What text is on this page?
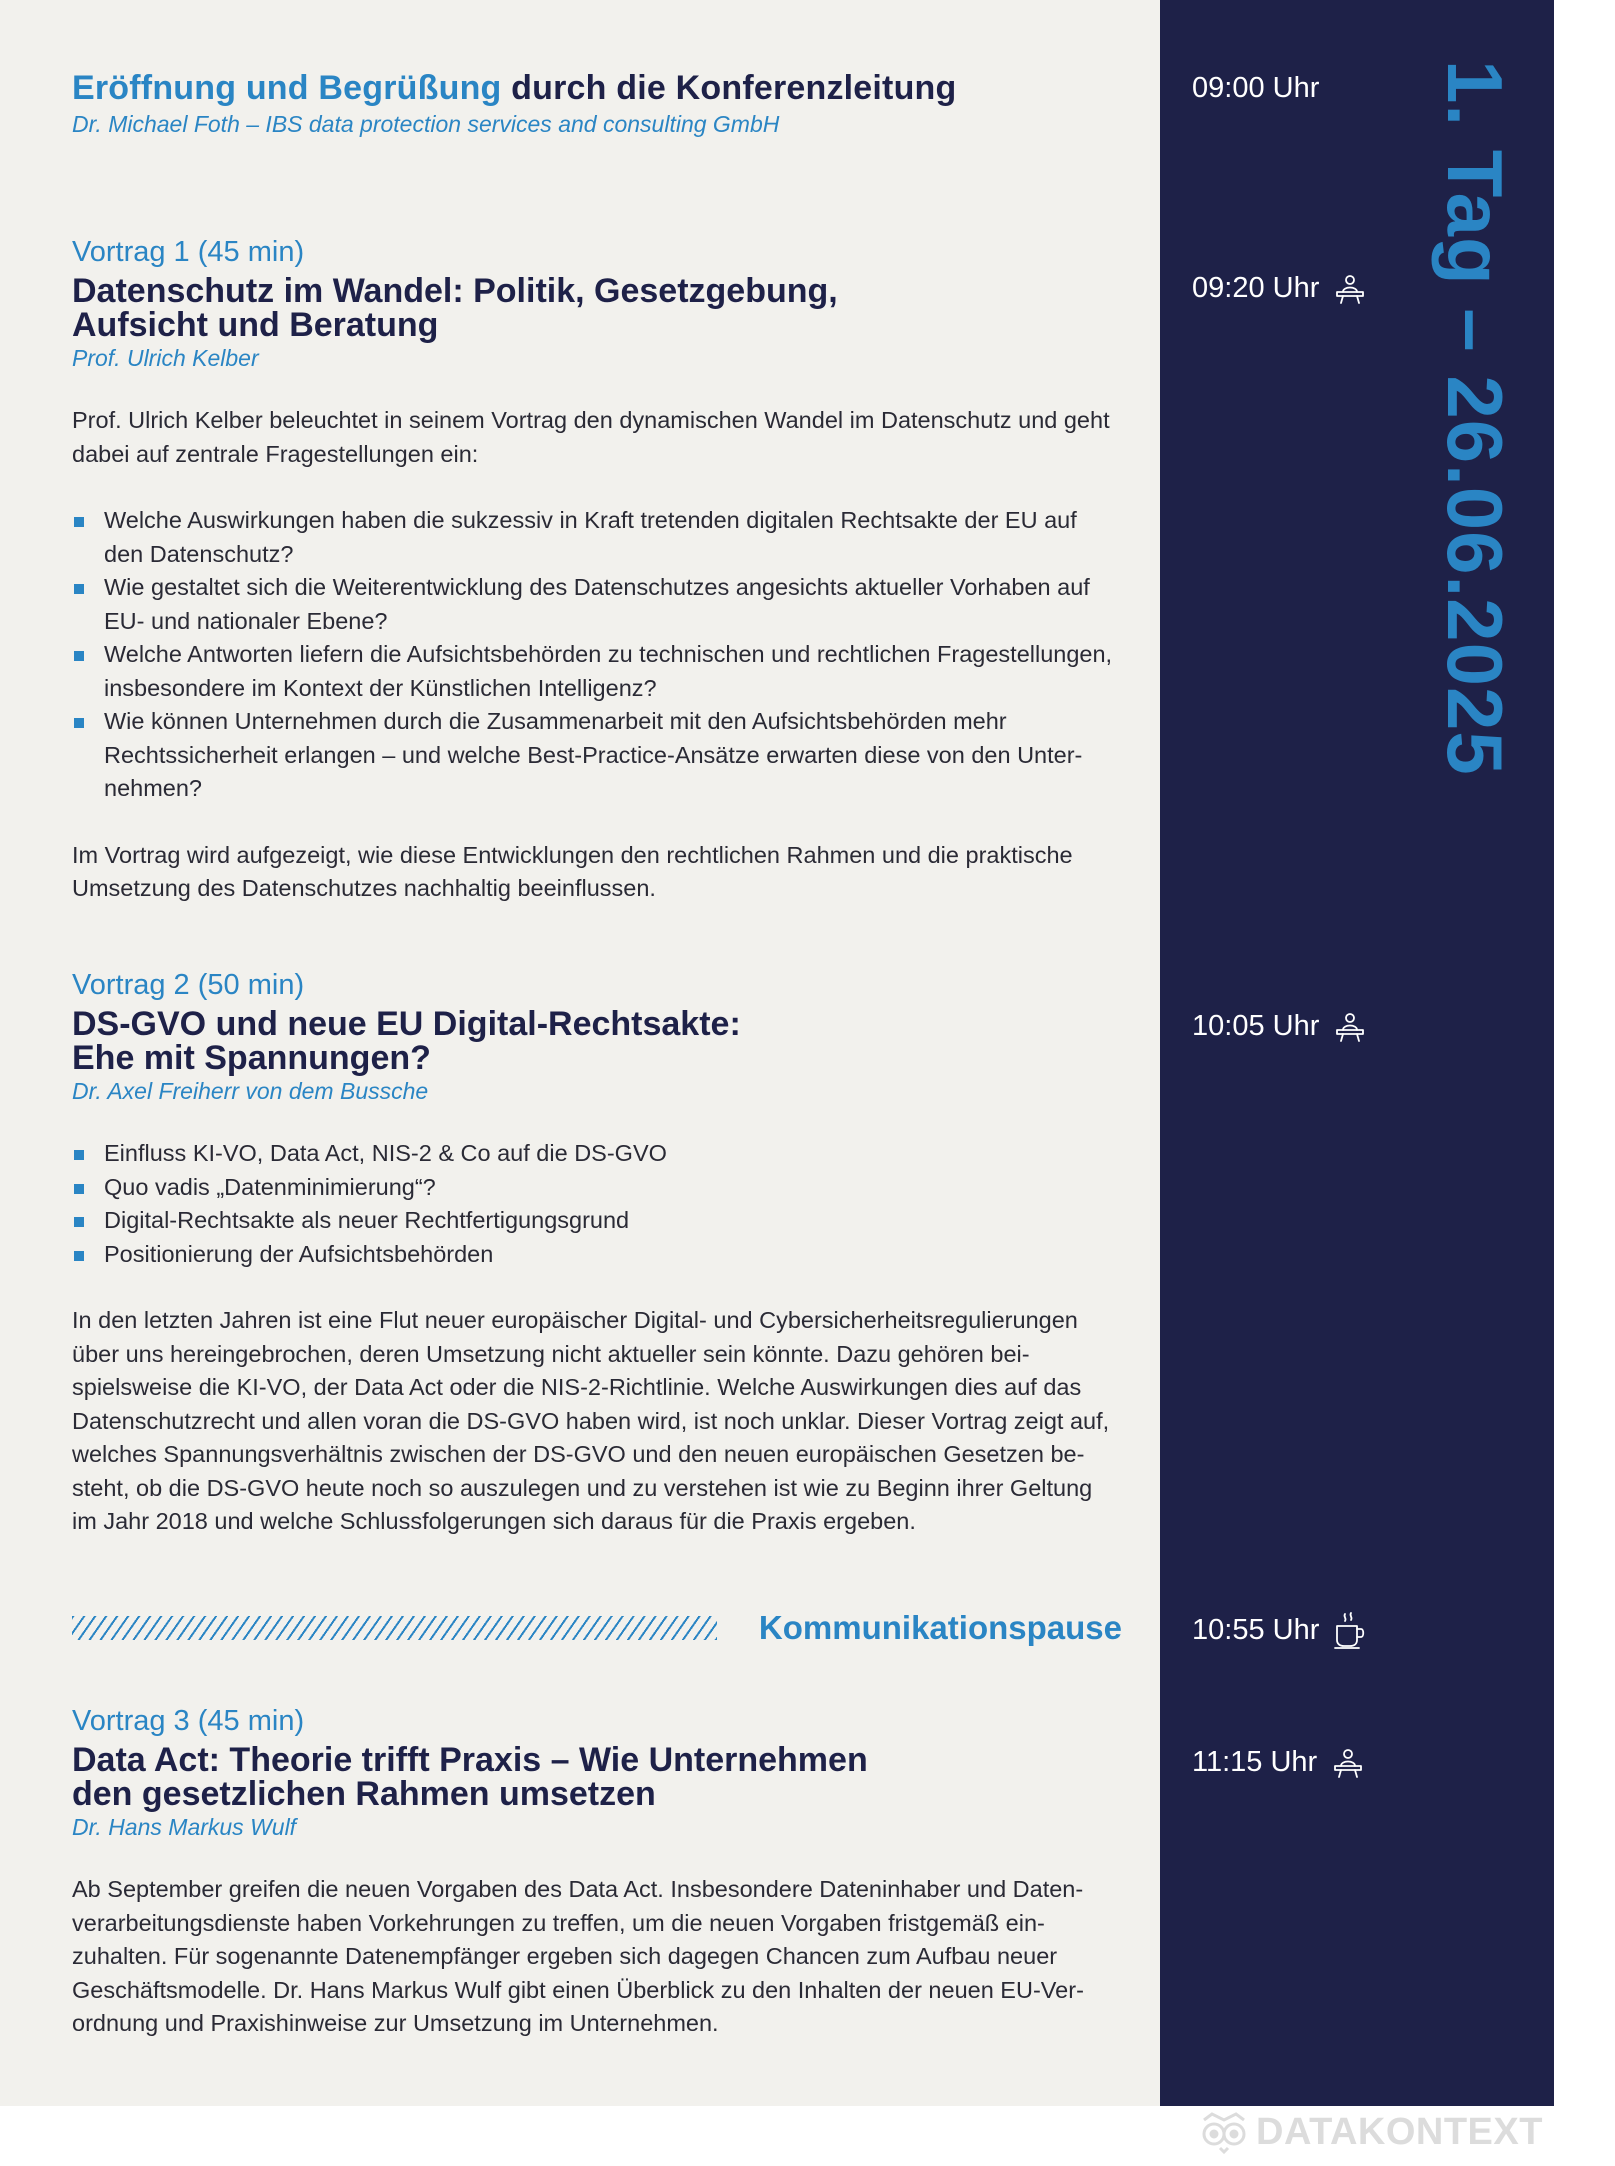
Eröffnung und Begrüßung durch die Konferenzleitung
Dr. Michael Foth – IBS data protection services and consulting GmbH
Vortrag 1 (45 min)
Datenschutz im Wandel: Politik, Gesetzgebung,
Aufsicht und Beratung
Prof. Ulrich Kelber

Prof. Ulrich Kelber beleuchtet in seinem Vortrag den dynamischen Wandel im Datenschutz und geht dabei auf zentrale Fragestellungen ein:

Welche Auswirkungen haben die sukzessiv in Kraft tretenden digitalen Rechtsakte der EU auf den Datenschutz?
Wie gestaltet sich die Weiterentwicklung des Datenschutzes angesichts aktueller Vorhaben auf EU- und nationaler Ebene?
Welche Antworten liefern die Aufsichtsbehörden zu technischen und rechtlichen Fragestellungen, insbesondere im Kontext der Künstlichen Intelligenz?
Wie können Unternehmen durch die Zusammenarbeit mit den Aufsichtsbehörden mehr Rechtssicherheit erlangen – und welche Best-Practice-Ansätze erwarten diese von den Unternehmen?

Im Vortrag wird aufgezeigt, wie diese Entwicklungen den rechtlichen Rahmen und die praktische Umsetzung des Datenschutzes nachhaltig beeinflussen.

Vortrag 2 (50 min)
DS-GVO und neue EU Digital-Rechtsakte:
Ehe mit Spannungen?
Dr. Axel Freiherr von dem Bussche
Einfluss KI-VO, Data Act, NIS-2 & Co auf die DS-GVO
Quo vadis „Datenminimierung“?
Digital-Rechtsakte als neuer Rechtfertigungsgrund
Positionierung der Aufsichtsbehörden

In den letzten Jahren ist eine Flut neuer europäischer Digital- und Cybersicherheitsregulierungen über uns hereingebrochen, deren Umsetzung nicht aktueller sein könnte. Dazu gehören beispielsweise die KI-VO, der Data Act oder die NIS-2-Richtlinie. Welche Auswirkungen dies auf das Datenschutzrecht und allen voran die DS-GVO haben wird, ist noch unklar. Dieser Vortrag zeigt auf, welches Spannungsverhältnis zwischen der DS-GVO und den neuen europäischen Gesetzen besteht, ob die DS-GVO heute noch so auszulegen und zu verstehen ist wie zu Beginn ihrer Geltung im Jahr 2018 und welche Schlussfolgerungen sich daraus für die Praxis ergeben.

Kommunikationspause
Vortrag 3 (45 min)
Data Act: Theorie trifft Praxis – Wie Unternehmen
den gesetzlichen Rahmen umsetzen
Dr. Hans Markus Wulf

Ab September greifen die neuen Vorgaben des Data Act. Insbesondere Dateninhaber und Datenverarbeitungsdienste haben Vorkehrungen zu treffen, um die neuen Vorgaben fristgemäß einzuhalten. Für sogenannte Datenempfänger ergeben sich dagegen Chancen zum Aufbau neuer Geschäftsmodelle. Dr. Hans Markus Wulf gibt einen Überblick zu den Inhalten der neuen EU-Verordnung und Praxishinweise zur Umsetzung im Unternehmen.

09:00 Uhr
09:20 Uhr
10:05 Uhr
10:55 Uhr
11:15 Uhr
1. Tag – 26.06.2025
DATAKONTEXT
